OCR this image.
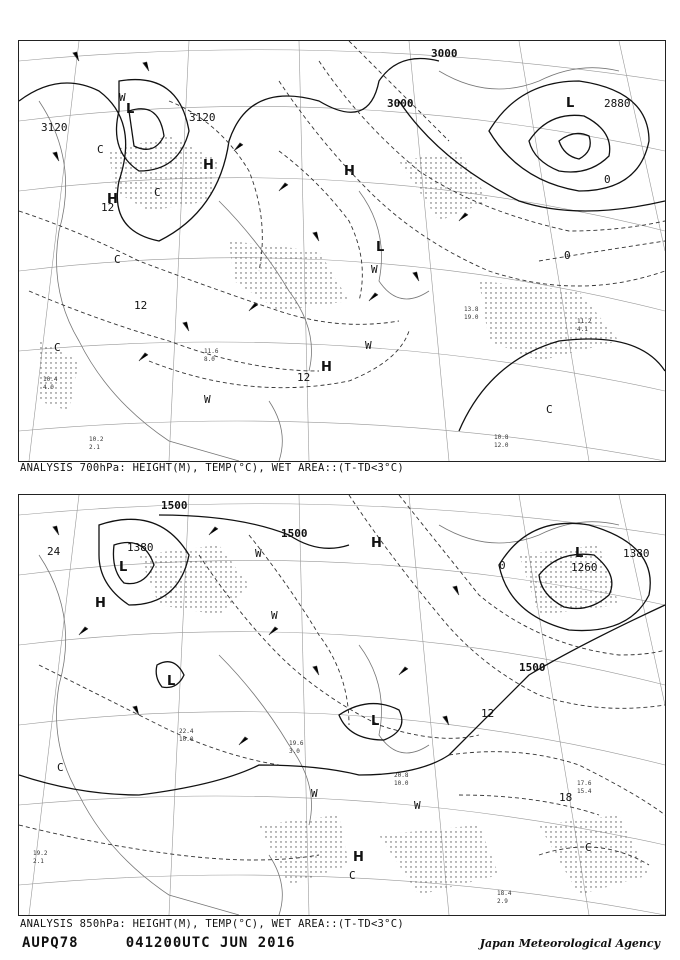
3120
3120
3000
3000	2880
12
12
12
0
0
L	L
L
H
H	H
H
W
W
W
W
C
C
C
C
C
10.2
2.1
10.8
12.0
11.2
4.1
13.8
19.0
10.4
4.0
11.6
8.0
ANALYSIS 700hPa: HEIGHT(M), TEMP(°C), WET AREA::(T-TD<3°C)
1500
1500
1500
1380	1380
1260
12
18
24
0
L
L
L
L
H
H
H
W
W
W
W
C
C
C
18.4
2.9
17.6
15.4
19.2
2.1
20.8
10.0
22.4
10.0
19.6
3.0
ANALYSIS 850hPa: HEIGHT(M), TEMP(°C), WET AREA::(T-TD<3°C)
AUPQ78	041200UTC JUN 2016	Japan Meteorological Agency
